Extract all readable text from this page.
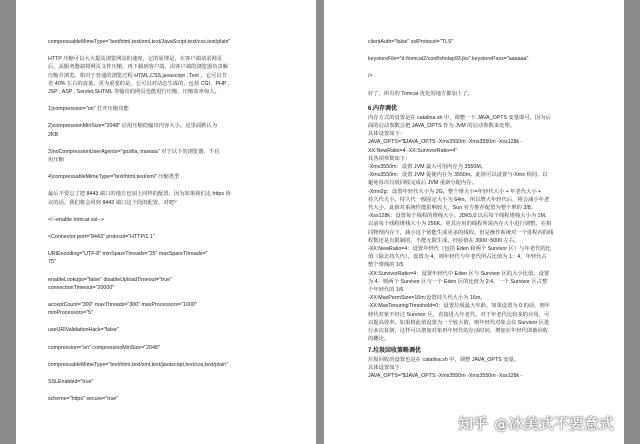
compressableMimeType="text/html,text/xml,text/JavaScript,text/css,text/plain"
HTTP 压缩可以大大提高浏览网站的速度，它的原理是，在客户端请求网页
后，从服务器端将网页文件压缩，再下载到客户端，由客户端的浏览器负责解
压缩并浏览。相对于普通的浏览过程 HTML,CSS,javascript , Text ，它可以节
省 40% 左右的流量。更为重要的是，它可以对动态生成的，包括 CGI、PHP ,
JSP , ASP , Servlet,SHTML 等输出的网页也能进行压缩，压缩效率惊人。
1)compression="on" 打开压缩功能
2)compressionMinSize="2048" 启用压缩的输出内容大小，这里面默认为
2KB
3)noCompressionUserAgents="gozilla, traviata" 对于以下的浏览器，不启
用压缩
4)compressableMimeType="text/html,text/xml" 压缩类型
最后不要忘了把 8443 端口的地方也加上同样的配置，因为如果我们走 https 协
议的话，我们将会用到 8443 端口这个段的配置，对吧？
<!--enable tomcat ssl-->
<Connector port="8443" protocol="HTTP/1.1"
URIEncoding="UTF-8" minSpareThreads="25" maxSpareThreads="
75"
enableLookups="false" disableUploadTimeout="true"
connectionTimeout="20000"
acceptCount="300" maxThreads="300" maxProcessors="1000"
minProcessors="5"
useURIValidationHack="false"
compression="on" compressionMinSize="2048"
compressableMimeType="text/html,text/xml,text/javascript,text/css,text/plain"
SSLEnabled="true"
scheme="https" secure="true"
clientAuth="false" sslProtocol="TLS"
keystoreFile="d:/tomcat2/conf/shnlap93.jks" keystorePass="aaaaaa"
/>
好了，所有的 Tomcat 优化的地方都加上了。
6.内存调优
内存方式的设置是在 catalina.sh 中，调整一下 JAVA_OPTS 变量即可，因为后
面的启动参数会把 JAVA_OPTS 作为 JVM 的启动参数来处理。
具体设置如下：
JAVA_OPTS="$JAVA_OPTS -Xmx3550m -Xms3550m -Xss128k -
XX:NewRatio=4 -XX:SurvivorRatio=4"
其各项参数如下：
-Xmx3550m：设置 JVM 最大可用内存为 3550M。
-Xms3550m：设置 JVM 促使内存为 3550m。此值可以设置与-Xmx 相同，以
避免每次垃圾回收完成后 JVM 重新分配内存。
-Xmn2g：设置年轻代大小为 2G。整个堆大小=年轻代大小 + 年老代大小 +
持久代大小。持久代一般固定大小为 64m，所以增大年轻代后，将会减小年老
代大小。此值对系统性能影响较大，Sun 官方推荐配置为整个堆的 3/8。
-Xss128k：设置每个线程的堆栈大小。JDK5.0 以后每个线程堆栈大小为 1M，
以前每个线程堆栈大小为 256K。更具应用的线程所需内存大小进行调整。在相
同物理内存下，减小这个值能生成更多的线程。但是操作系统对一个进程内的线
程数还是有限制的，不能无限生成，经验值在 3000~5000 左右。
-XX:NewRatio=4：设置年轻代（包括 Eden 和两个 Survivor 区）与年老代的比
值（除去持久代）。设置为 4，则年轻代与年老代所占比值为 1：4，年轻代占
整个堆栈的 1/5
-XX:SurvivorRatio=4：设置年轻代中 Eden 区与 Survivor 区的大小比值。设置
为 4，则两个 Survivor 区与一个 Eden 区的比值为 2:4，一个 Survivor 区占整
个年轻代的 1/6
-XX:MaxPermSize=16m:设置持久代大小为 16m。
-XX:MaxTenuringThreshold=0：设置垃圾最大年龄。如果设置为 0 的话，则年
轻代对象不经过 Survivor 区，直接进入年老代。对于年老代比较多的应用，可
以提高效率。如果将此值设置为一个较大值，则年轻代对象会在 Survivor 区进
行多次复制，这样可以增加对象再年轻代的存活时间，增加在年轻代即被回收
的概论。
7.垃圾回收策略调优
垃圾回收的设置也是在 catalina.sh 中，调整 JAVA_OPTS 变量。
具体设置如下：
JAVA_OPTS="$JAVA_OPTS -Xmx3550m -Xms3550m -Xss128k -
知乎 @冰美式不要意式
